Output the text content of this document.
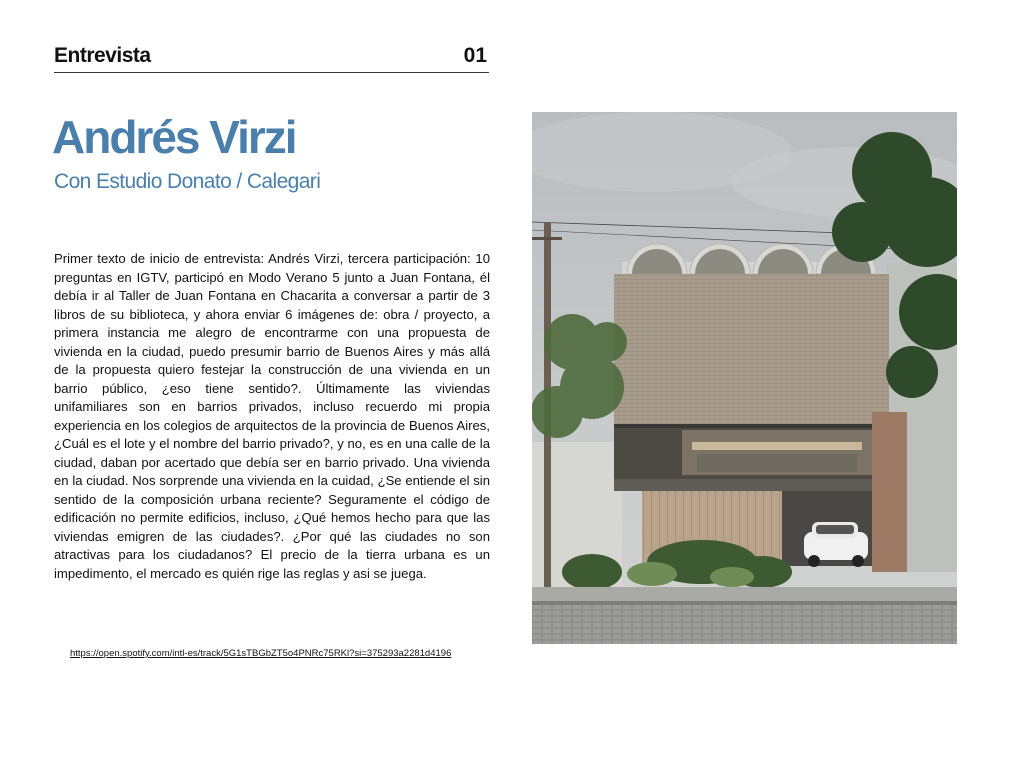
Entrevista	01
Andrés Virzi
Con Estudio Donato / Calegari
Primer texto de inicio de entrevista: Andrés Virzi, tercera participación: 10 preguntas en IGTV, participó en Modo Verano 5 junto a Juan Fontana, él debía ir al Taller de Juan Fontana en Chacarita a conversar a partir de 3 libros de su biblioteca, y ahora enviar 6 imágenes de: obra / proyecto, a primera instancia me alegro de encontrarme con una propuesta de vivienda en la ciudad, puedo presumir barrio de Buenos Aires y más allá de la propuesta quiero festejar la construcción de una vivienda en un barrio público, ¿eso tiene sentido?. Últimamente las viviendas unifamiliares son en barrios privados, incluso recuerdo mi propia experiencia en los colegios de arquitectos de la provincia de Buenos Aires, ¿Cuál es el lote y el nombre del barrio privado?, y no, es en una calle de la ciudad, daban por acertado que debía ser en barrio privado. Una vivienda en la ciudad. Nos sorprende una vivienda en la cuidad, ¿Se entiende el sin sentido de la composición urbana reciente? Seguramente el código de edificación no permite edificios, incluso, ¿Qué hemos hecho para que las viviendas emigren de las ciudades?. ¿Por qué las ciudades no son atractivas para los ciudadanos? El precio de la tierra urbana es un impedimento, el mercado es quién rige las reglas y asi se juega.
https://open.spotify.com/intl-es/track/5G1sTBGbZT5o4PNRc75RKl?si=375293a2281d4196
